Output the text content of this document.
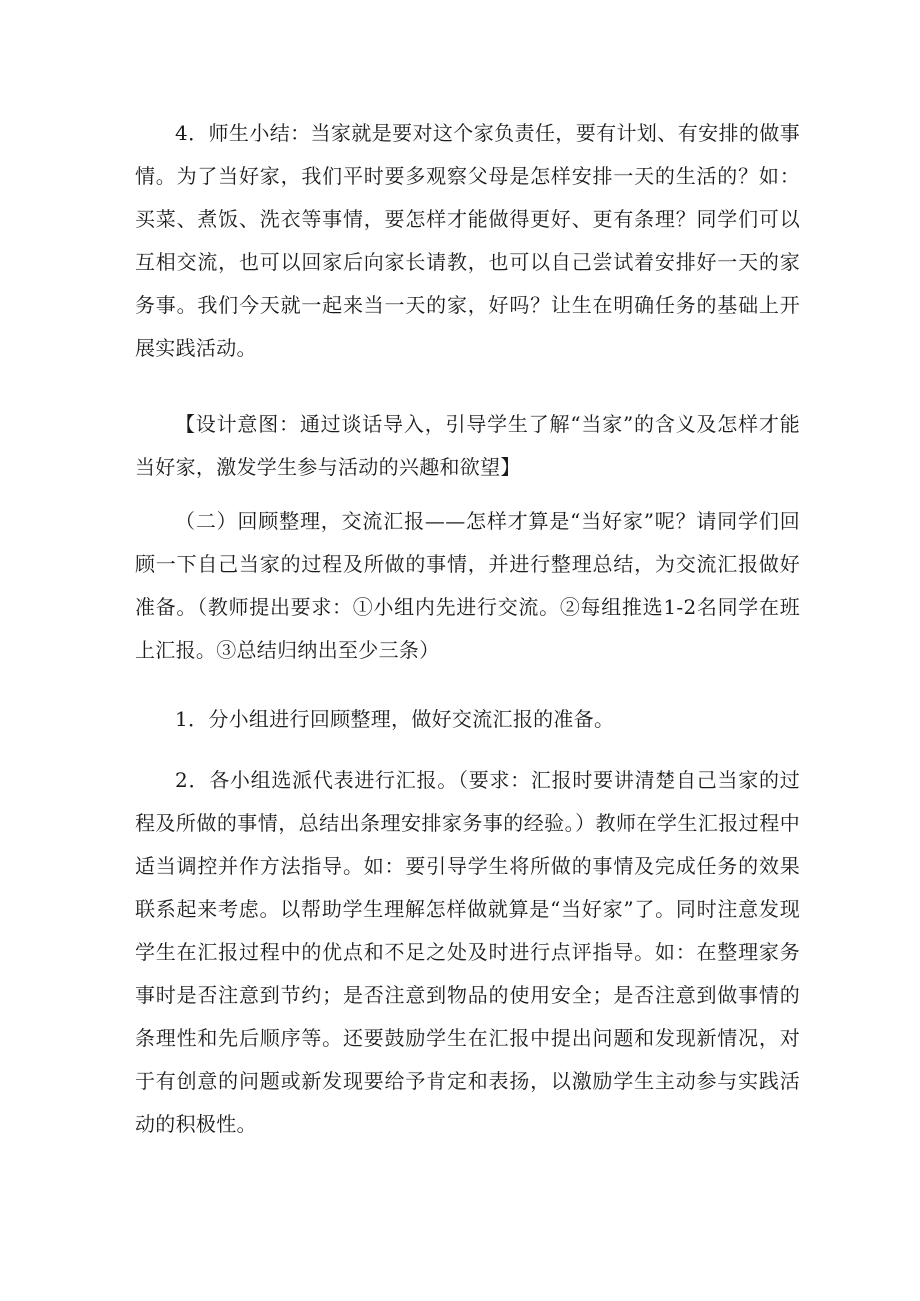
4．师生小结：当家就是要对这个家负责任，要有计划、有安排的做事情。为了当好家，我们平时要多观察父母是怎样安排一天的生活的？如：买菜、煮饭、洗衣等事情，要怎样才能做得更好、更有条理？同学们可以互相交流，也可以回家后向家长请教，也可以自己尝试着安排好一天的家务事。我们今天就一起来当一天的家，好吗？让生在明确任务的基础上开展实践活动。

【设计意图：通过谈话导入，引导学生了解“当家”的含义及怎样才能当好家，激发学生参与活动的兴趣和欲望】

（二）回顾整理，交流汇报——怎样才算是“当好家”呢？请同学们回顾一下自己当家的过程及所做的事情，并进行整理总结，为交流汇报做好准备。（教师提出要求：①小组内先进行交流。②每组推选1-2名同学在班上汇报。③总结归纳出至少三条）

1．分小组进行回顾整理，做好交流汇报的准备。

2．各小组选派代表进行汇报。（要求：汇报时要讲清楚自己当家的过程及所做的事情，总结出条理安排家务事的经验。）教师在学生汇报过程中适当调控并作方法指导。如：要引导学生将所做的事情及完成任务的效果联系起来考虑。以帮助学生理解怎样做就算是“当好家”了。同时注意发现学生在汇报过程中的优点和不足之处及时进行点评指导。如：在整理家务事时是否注意到节约；是否注意到物品的使用安全；是否注意到做事情的条理性和先后顺序等。还要鼓励学生在汇报中提出问题和发现新情况，对于有创意的问题或新发现要给予肯定和表扬，以激励学生主动参与实践活动的积极性。
